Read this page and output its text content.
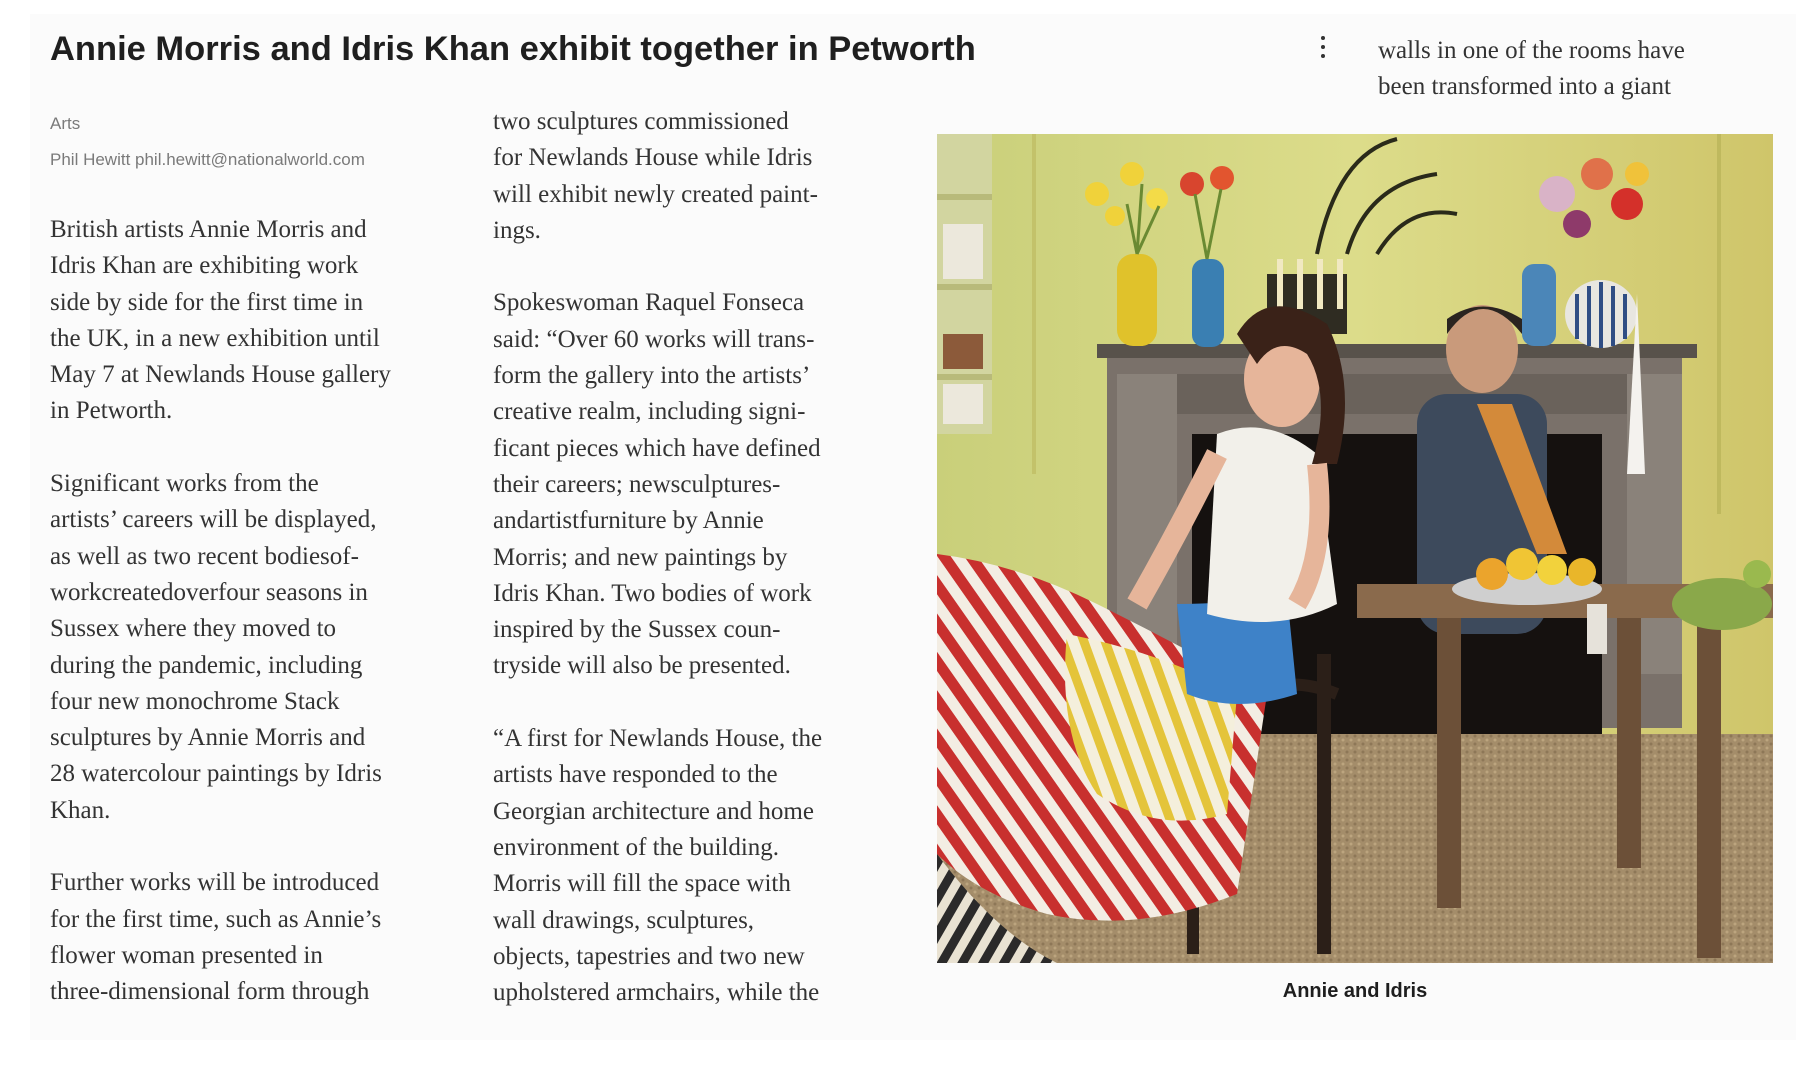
Annie Morris and Idris Khan exhibit together in Petworth
Arts
Phil Hewitt phil.hewitt@nationalworld.com

British artists Annie Morris and

Idris Khan are exhibiting work

side by side for the first time in

the UK, in a new exhibition until

May 7 at Newlands House gallery

in Petworth.

Significant works from the

artists’ careers will be displayed,

as well as two recent bodiesof-

workcreatedoverfour seasons in

Sussex where they moved to

during the pandemic, including

four new monochrome Stack

sculptures by Annie Morris and

28 watercolour paintings by Idris

Khan.

Further works will be introduced

for the first time, such as Annie’s

flower woman presented in

three-dimensional form through

two sculptures commissioned

for Newlands House while Idris

will exhibit newly created paint-

ings.

Spokeswoman Raquel Fonseca

said: “Over 60 works will trans-

form the gallery into the artists’

creative realm, including signi-

ficant pieces which have defined

their careers; newsculptures-

andartistfurniture by Annie

Morris; and new paintings by

Idris Khan. Two bodies of work

inspired by the Sussex coun-

tryside will also be presented.

“A first for Newlands House, the

artists have responded to the

Georgian architecture and home

environment of the building.

Morris will fill the space with

wall drawings, sculptures,

objects, tapestries and two new

upholstered armchairs, while the

walls in one of the rooms have

been transformed into a giant

Annie and Idris
